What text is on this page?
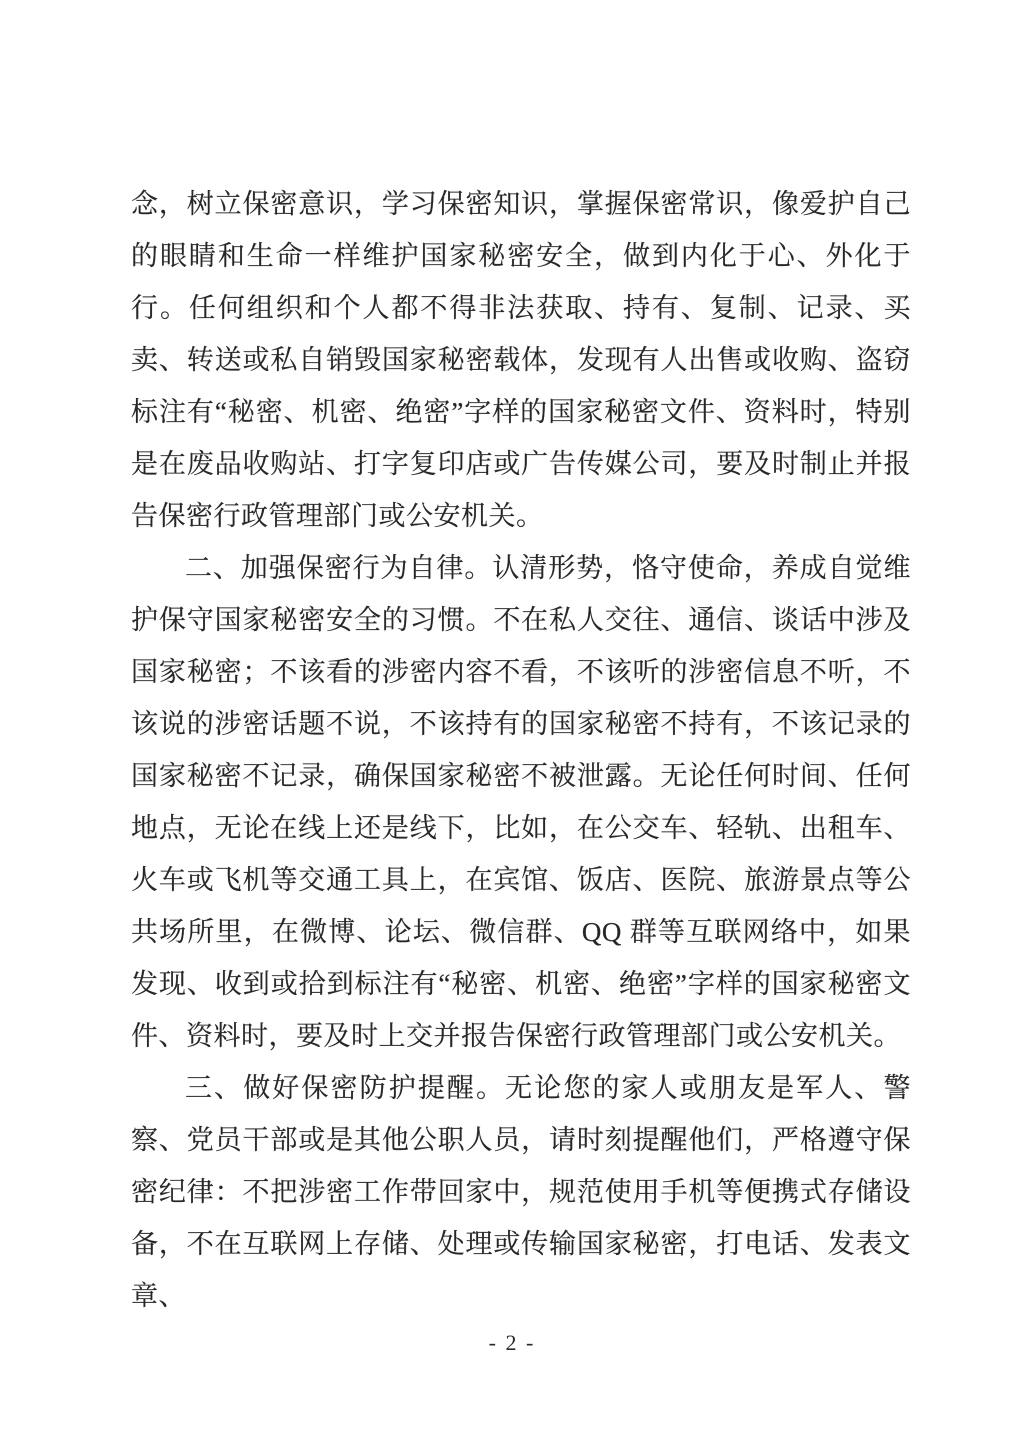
念，树立保密意识，学习保密知识，掌握保密常识，像爱护自己的眼睛和生命一样维护国家秘密安全，做到内化于心、外化于行。任何组织和个人都不得非法获取、持有、复制、记录、买卖、转送或私自销毁国家秘密载体，发现有人出售或收购、盗窃标注有“秘密、机密、绝密”字样的国家秘密文件、资料时，特别是在废品收购站、打字复印店或广告传媒公司，要及时制止并报告保密行政管理部门或公安机关。

二、加强保密行为自律。认清形势，恪守使命，养成自觉维护保守国家秘密安全的习惯。不在私人交往、通信、谈话中涉及国家秘密；不该看的涉密内容不看，不该听的涉密信息不听，不该说的涉密话题不说，不该持有的国家秘密不持有，不该记录的国家秘密不记录，确保国家秘密不被泄露。无论任何时间、任何地点，无论在线上还是线下，比如，在公交车、轻轨、出租车、火车或飞机等交通工具上，在宾馆、饭店、医院、旅游景点等公共场所里，在微博、论坛、微信群、QQ 群等互联网络中，如果发现、收到或拾到标注有“秘密、机密、绝密”字样的国家秘密文件、资料时，要及时上交并报告保密行政管理部门或公安机关。

三、做好保密防护提醒。无论您的家人或朋友是军人、警察、党员干部或是其他公职人员，请时刻提醒他们，严格遵守保密纪律：不把涉密工作带回家中，规范使用手机等便携式存储设备，不在互联网上存储、处理或传输国家秘密，打电话、发表文章、

- 2 -
